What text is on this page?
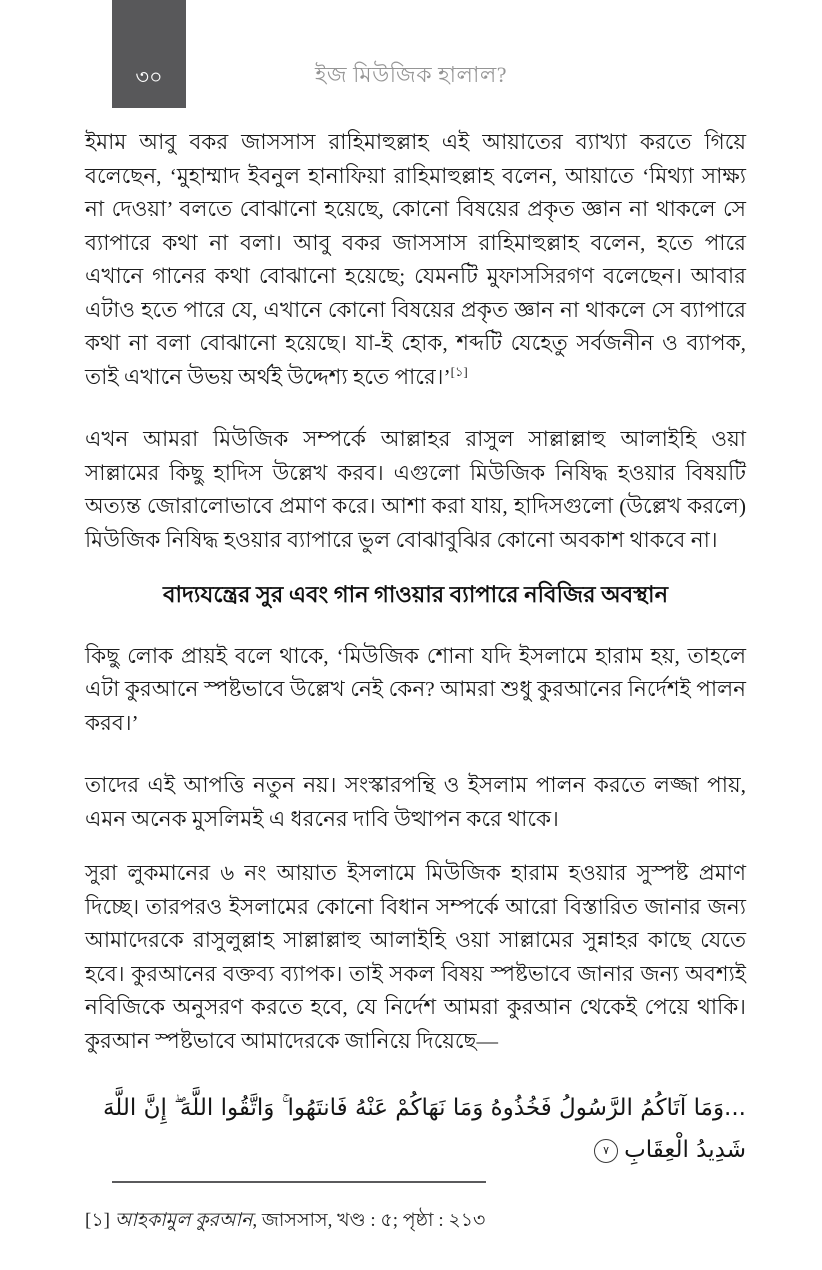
৩০	ইজ মিউজিক হালাল?

ইমাম আবু বকর জাসসাস রাহিমাহুল্লাহ এই আয়াতের ব্যাখ্যা করতে গিয়ে বলেছেন, ‘মুহাম্মাদ ইবনুল হানাফিয়া রাহিমাহুল্লাহ বলেন, আয়াতে ‘মিথ্যা সাক্ষ্য না দেওয়া’ বলতে বোঝানো হয়েছে, কোনো বিষয়ের প্রকৃত জ্ঞান না থাকলে সে ব্যাপারে কথা না বলা। আবু বকর জাসসাস রাহিমাহুল্লাহ বলেন, হতে পারে এখানে গানের কথা বোঝানো হয়েছে; যেমনটি মুফাসসিরগণ বলেছেন। আবার এটাও হতে পারে যে, এখানে কোনো বিষয়ের প্রকৃত জ্ঞান না থাকলে সে ব্যাপারে কথা না বলা বোঝানো হয়েছে। যা-ই হোক, শব্দটি যেহেতু সর্বজনীন ও ব্যাপক, তাই এখানে উভয় অর্থই উদ্দেশ্য হতে পারে।’[১]

এখন আমরা মিউজিক সম্পর্কে আল্লাহর রাসুল সাল্লাল্লাহু আলাইহি ওয়া সাল্লামের কিছু হাদিস উল্লেখ করব। এগুলো মিউজিক নিষিদ্ধ হওয়ার বিষয়টি অত্যন্ত জোরালোভাবে প্রমাণ করে। আশা করা যায়, হাদিসগুলো (উল্লেখ করলে) মিউজিক নিষিদ্ধ হওয়ার ব্যাপারে ভুল বোঝাবুঝির কোনো অবকাশ থাকবে না।

বাদ্যযন্ত্রের সুর এবং গান গাওয়ার ব্যাপারে নবিজির অবস্থান

কিছু লোক প্রায়ই বলে থাকে, ‘মিউজিক শোনা যদি ইসলামে হারাম হয়, তাহলে এটা কুরআনে স্পষ্টভাবে উল্লেখ নেই কেন? আমরা শুধু কুরআনের নির্দেশই পালন করব।’

তাদের এই আপত্তি নতুন নয়। সংস্কারপন্থি ও ইসলাম পালন করতে লজ্জা পায়, এমন অনেক মুসলিমই এ ধরনের দাবি উত্থাপন করে থাকে।

সুরা লুকমানের ৬ নং আয়াত ইসলামে মিউজিক হারাম হওয়ার সুস্পষ্ট প্রমাণ দিচ্ছে। তারপরও ইসলামের কোনো বিধান সম্পর্কে আরো বিস্তারিত জানার জন্য আমাদেরকে রাসুলুল্লাহ সাল্লাল্লাহু আলাইহি ওয়া সাল্লামের সুন্নাহর কাছে যেতে হবে। কুরআনের বক্তব্য ব্যাপক। তাই সকল বিষয় স্পষ্টভাবে জানার জন্য অবশ্যই নবিজিকে অনুসরণ করতে হবে, যে নির্দেশ আমরা কুরআন থেকেই পেয়ে থাকি। কুরআন স্পষ্টভাবে আমাদেরকে জানিয়ে দিয়েছে—

...وَمَا آتَاكُمُ الرَّسُولُ فَخُذُوهُ وَمَا نَهَاكُمْ عَنْهُ فَانتَهُوا ۚ وَاتَّقُوا اللَّهَ ۖ إِنَّ اللَّهَ شَدِيدُ الْعِقَابِ٧

[১] আহকামুল কুরআন, জাসসাস, খণ্ড : ৫; পৃষ্ঠা : ২১৩
